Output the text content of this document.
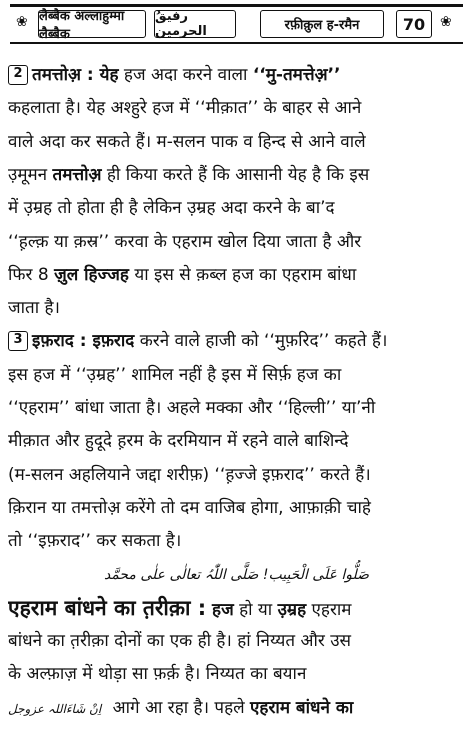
❀ लैब्बैक अल्लाहुम्मा लैब्बैक
رفیقُ الحرمین	रफ़ीक़ुल ह-रमैन	70	❀
2 तमत्तोअ़ : येह हज अदा करने वाला ‘‘मु-तमत्तेअ़’’
कहलाता है। येह अश्हुरे हज में ‘‘मीक़ात’’ के बाहर से आने
वाले अदा कर सकते हैं। म-सलन पाक व हिन्द से आने वाले
उ़मूमन तमत्तोअ़ ही किया करते हैं कि आसानी येह है कि इस
में उ़म्रह तो होता ही है लेकिन उ़म्रह अदा करने के बा’द
‘‘ह़ल्क़ या क़स्र’’ करवा के एहराम खोल दिया जाता है और
फिर 8 ज़ुल हिज्जह या इस से क़ब्ल हज का एहराम बांधा
जाता है।
3 इफ़राद : इफ़राद करने वाले हाजी को ‘‘मुफ़रिद’’ कहते हैं।
इस हज में ‘‘उ़म्रह’’ शामिल नहीं है इस में सिर्फ़ हज का
‘‘एहराम’’ बांधा जाता है। अहले मक्का और ‘‘हिल्ली’’ या’नी
मीक़ात और हुदूदे ह़रम के दरमियान में रहने वाले बाशिन्दे
(म-सलन अहलियाने जद्दा शरीफ़) ‘‘ह़ज्जे इफ़राद’’ करते हैं।
क़िरान या तमत्तोअ़ करेंगे तो दम वाजिब होगा, आफ़ाक़ी चाहे
तो ‘‘इफ़राद’’ कर सकता है।
صَلُّوا عَلَی الْحَبِیب! صَلَّی اللّٰہُ تعالٰی علٰی محمَّد
एहराम बांधने का त़रीक़ा : हज हो या उ़म्रह एहराम
बांधने का त़रीक़ा दोनों का एक ही है। हां निय्यत और उस
के अल्फ़ाज़ में थोड़ा सा फ़र्क़ है। निय्यत का बयान
اِنْ شَاءَاللہ عزوجل आगे आ रहा है। पहले एहराम बांधने का
